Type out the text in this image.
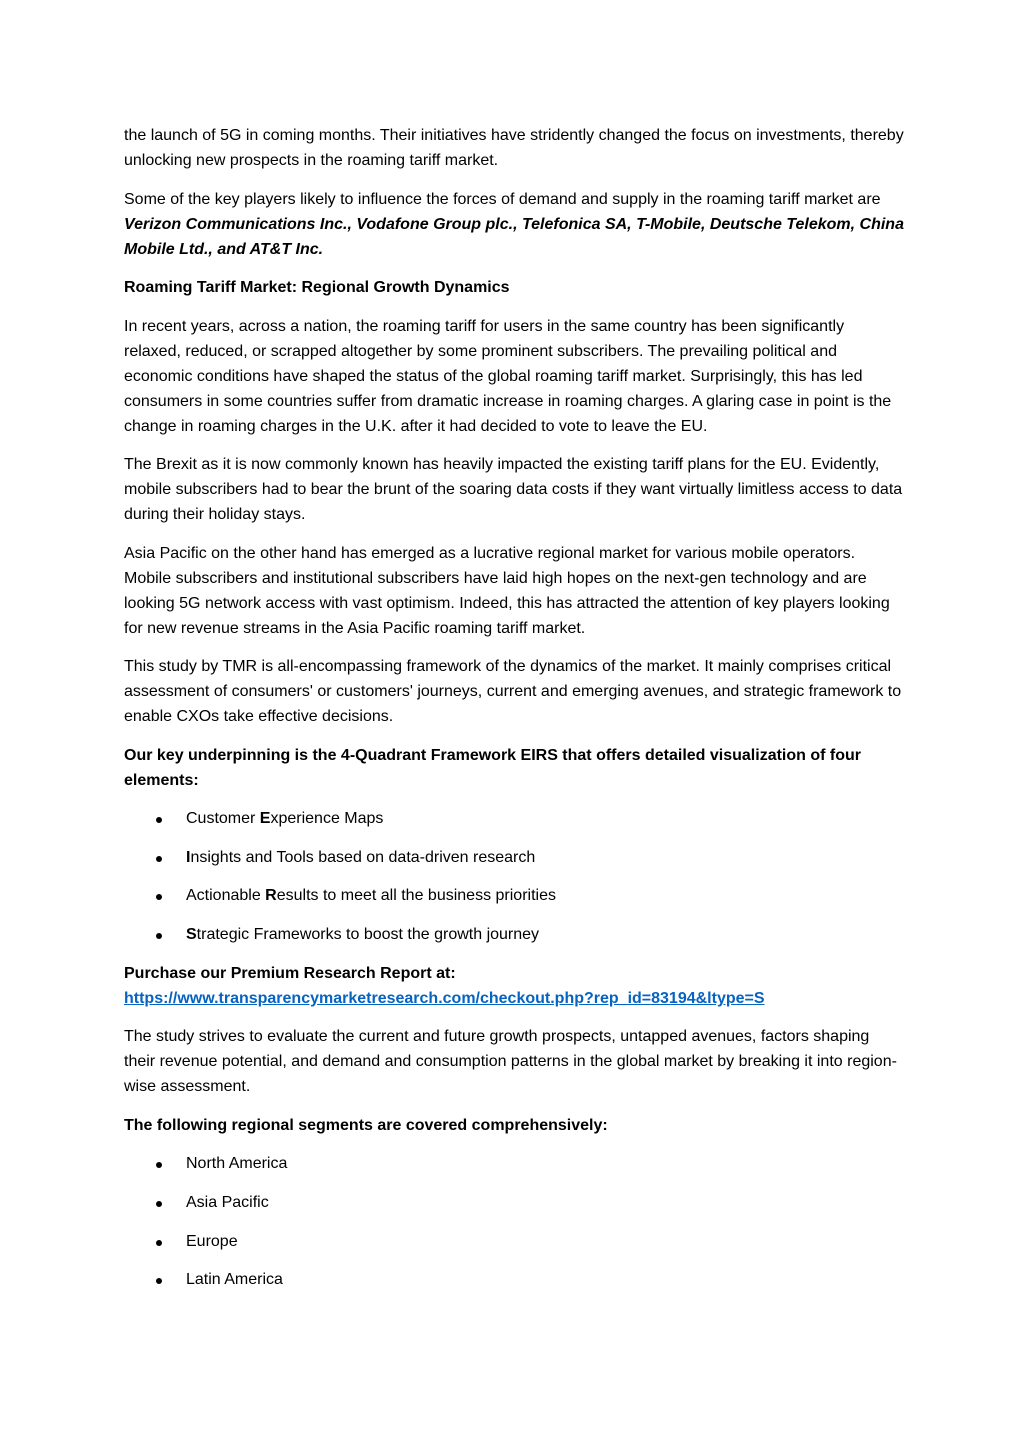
the launch of 5G in coming months. Their initiatives have stridently changed the focus on investments, thereby unlocking new prospects in the roaming tariff market.

Some of the key players likely to influence the forces of demand and supply in the roaming tariff market are Verizon Communications Inc., Vodafone Group plc., Telefonica SA, T-Mobile, Deutsche Telekom, China Mobile Ltd., and AT&T Inc.

Roaming Tariff Market: Regional Growth Dynamics

In recent years, across a nation, the roaming tariff for users in the same country has been significantly relaxed, reduced, or scrapped altogether by some prominent subscribers. The prevailing political and economic conditions have shaped the status of the global roaming tariff market. Surprisingly, this has led consumers in some countries suffer from dramatic increase in roaming charges. A glaring case in point is the change in roaming charges in the U.K. after it had decided to vote to leave the EU.

The Brexit as it is now commonly known has heavily impacted the existing tariff plans for the EU. Evidently, mobile subscribers had to bear the brunt of the soaring data costs if they want virtually limitless access to data during their holiday stays.

Asia Pacific on the other hand has emerged as a lucrative regional market for various mobile operators. Mobile subscribers and institutional subscribers have laid high hopes on the next-gen technology and are looking 5G network access with vast optimism. Indeed, this has attracted the attention of key players looking for new revenue streams in the Asia Pacific roaming tariff market.

This study by TMR is all-encompassing framework of the dynamics of the market. It mainly comprises critical assessment of consumers' or customers' journeys, current and emerging avenues, and strategic framework to enable CXOs take effective decisions.

Our key underpinning is the 4-Quadrant Framework EIRS that offers detailed visualization of four elements:

Customer Experience Maps
Insights and Tools based on data-driven research
Actionable Results to meet all the business priorities
Strategic Frameworks to boost the growth journey

Purchase our Premium Research Report at:
https://www.transparencymarketresearch.com/checkout.php?rep_id=83194&ltype=S

The study strives to evaluate the current and future growth prospects, untapped avenues, factors shaping their revenue potential, and demand and consumption patterns in the global market by breaking it into region-wise assessment.

The following regional segments are covered comprehensively:

North America
Asia Pacific
Europe
Latin America
